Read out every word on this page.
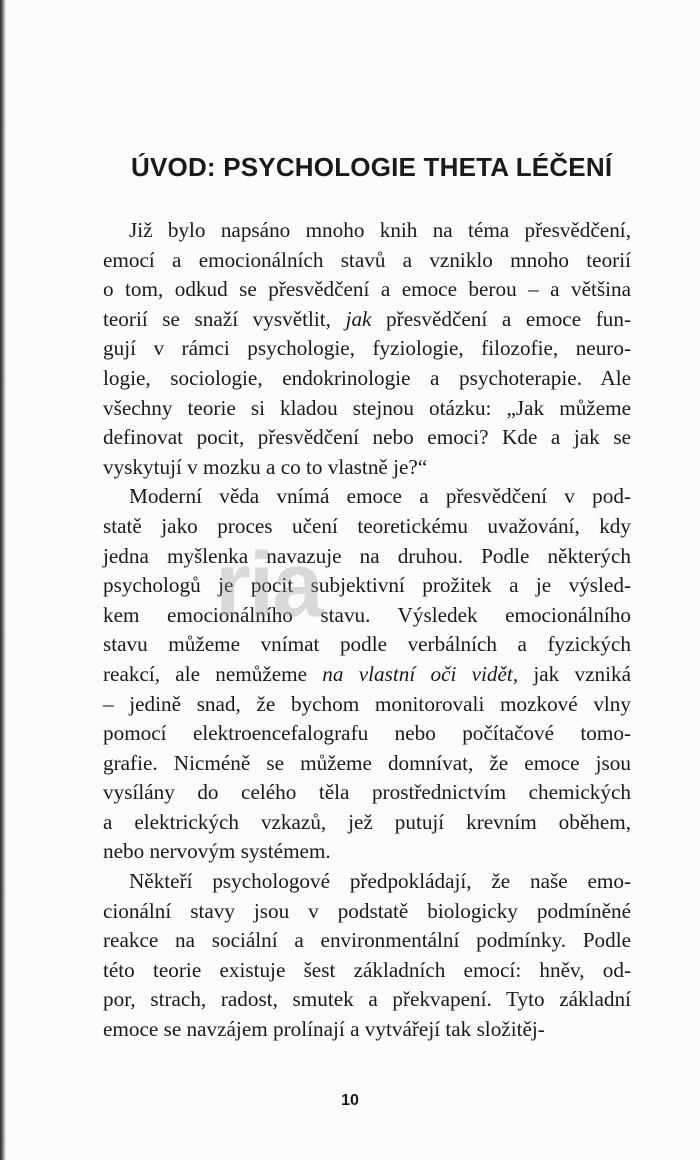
ÚVOD: PSYCHOLOGIE THETA LÉČENÍ
Již bylo napsáno mnoho knih na téma přesvědčení,
emocí a emocionálních stavů a vzniklo mnoho teorií
o tom, odkud se přesvědčení a emoce berou – a většina
teorií se snaží vysvětlit, jak přesvědčení a emoce fun-
gují v rámci psychologie, fyziologie, filozofie, neuro-
logie, sociologie, endokrinologie a psychoterapie. Ale
všechny teorie si kladou stejnou otázku: „Jak můžeme
definovat pocit, přesvědčení nebo emoci? Kde a jak se
vyskytují v mozku a co to vlastně je?“
Moderní věda vnímá emoce a přesvědčení v pod-
statě jako proces učení teoretickému uvažování, kdy
jedna myšlenka navazuje na druhou. Podle některých
psychologů je pocit subjektivní prožitek a je výsled-
kem emocionálního stavu. Výsledek emocionálního
stavu můžeme vnímat podle verbálních a fyzických
reakcí, ale nemůžeme na vlastní oči vidět, jak vzniká
– jedině snad, že bychom monitorovali mozkové vlny
pomocí elektroencefalografu nebo počítačové tomo-
grafie. Nicméně se můžeme domnívat, že emoce jsou
vysílány do celého těla prostřednictvím chemických
a elektrických vzkazů, jež putují krevním oběhem,
nebo nervovým systémem.
Někteří psychologové předpokládají, že naše emo-
cionální stavy jsou v podstatě biologicky podmíněné
reakce na sociální a environmentální podmínky. Podle
této teorie existuje šest základních emocí: hněv, od-
por, strach, radost, smutek a překvapení. Tyto základní
emoce se navzájem prolínají a vytvářejí tak složitěj-
ria
10
